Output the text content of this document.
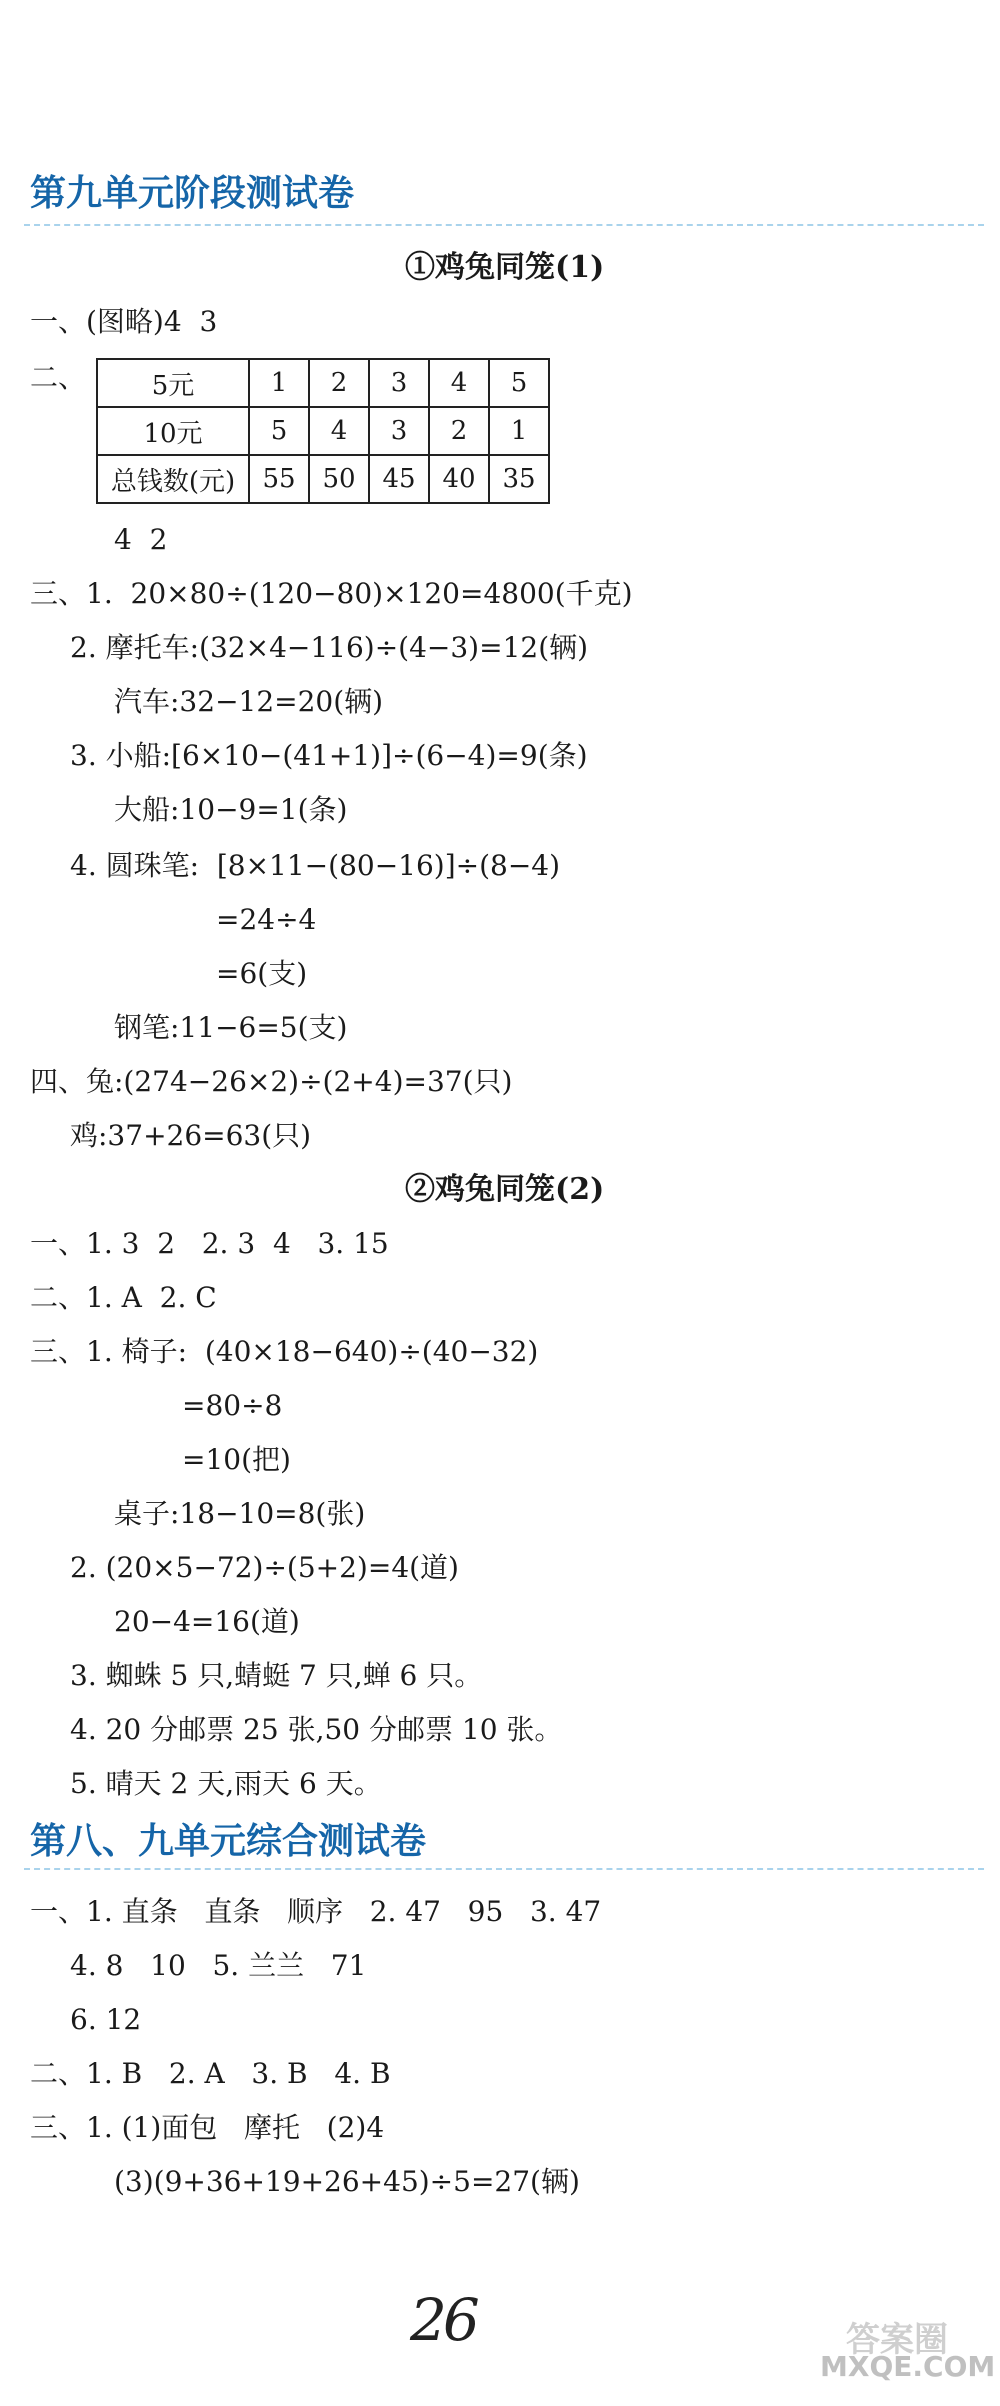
第九单元阶段测试卷
①鸡兔同笼(1)
一、(图略)4  3
二、	5元	1	2	3	4	5
10元	5	4	3	2	1
总钱数(元)	55	50	45	40	35
4  2
三、1.  20×80÷(120−80)×120=4800(千克)
2. 摩托车:(32×4−116)÷(4−3)=12(辆)
汽车:32−12=20(辆)
3. 小船:[6×10−(41+1)]÷(6−4)=9(条)
大船:10−9=1(条)
4. 圆珠笔:  [8×11−(80−16)]÷(8−4)
=24÷4
=6(支)
钢笔:11−6=5(支)
四、兔:(274−26×2)÷(2+4)=37(只)
鸡:37+26=63(只)
②鸡兔同笼(2)
一、1. 3  2   2. 3  4   3. 15
二、1. A  2. C
三、1. 椅子:  (40×18−640)÷(40−32)
=80÷8
=10(把)
桌子:18−10=8(张)
2. (20×5−72)÷(5+2)=4(道)
20−4=16(道)
3. 蜘蛛 5 只,蜻蜓 7 只,蝉 6 只。
4. 20 分邮票 25 张,50 分邮票 10 张。
5. 晴天 2 天,雨天 6 天。
第八、九单元综合测试卷
一、1. 直条   直条   顺序   2. 47   95   3. 47
4. 8   10   5. 兰兰   71
6. 12
二、1. B   2. A   3. B   4. B
三、1. (1)面包   摩托   (2)4
(3)(9+36+19+26+45)÷5=27(辆)
26	答案圈
MXQE.COM
